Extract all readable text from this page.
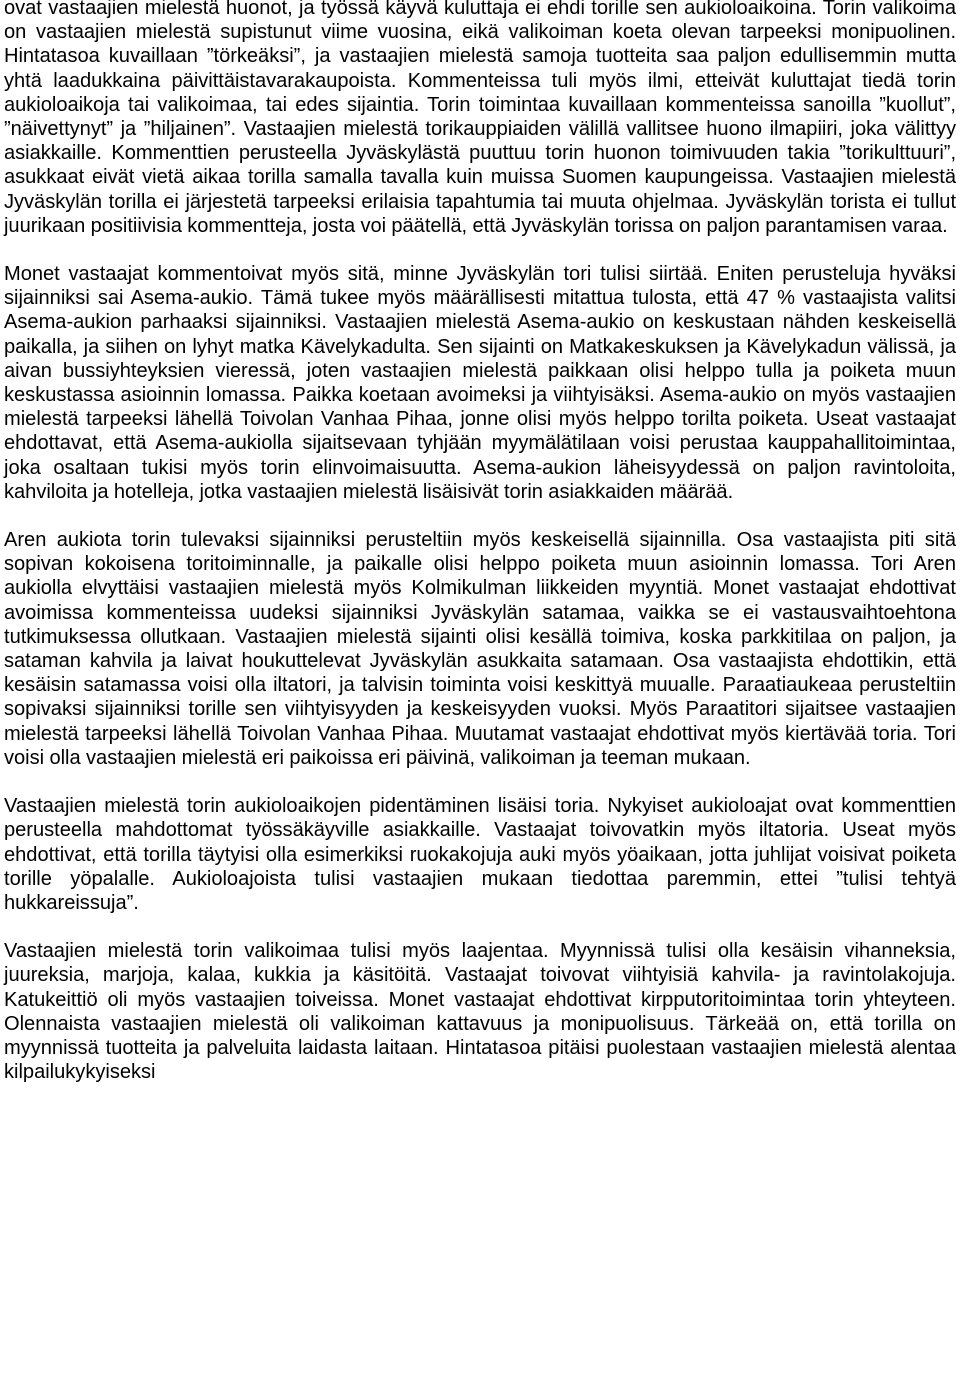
ovat vastaajien mielestä huonot, ja työssä käyvä kuluttaja ei ehdi torille sen aukioloaikoina. Torin valikoima on vastaajien mielestä supistunut viime vuosina, eikä valikoiman koeta olevan tarpeeksi monipuolinen. Hintatasoa kuvaillaan ”törkeäksi”, ja vastaajien mielestä samoja tuotteita saa paljon edullisemmin mutta yhtä laadukkaina päivittäistavarakaupoista. Kommenteissa tuli myös ilmi, etteivät kuluttajat tiedä torin aukioloaikoja tai valikoimaa, tai edes sijaintia. Torin toimintaa kuvaillaan kommenteissa sanoilla ”kuollut”, ”näivettynyt” ja ”hiljainen”. Vastaajien mielestä torikauppiaiden välillä vallitsee huono ilmapiiri, joka välittyy asiakkaille. Kommenttien perusteella Jyväskylästä puuttuu torin huonon toimivuuden takia ”torikulttuuri”, asukkaat eivät vietä aikaa torilla samalla tavalla kuin muissa Suomen kaupungeissa. Vastaajien mielestä Jyväskylän torilla ei järjestetä tarpeeksi erilaisia tapahtumia tai muuta ohjelmaa. Jyväskylän torista ei tullut juurikaan positiivisia kommentteja, josta voi päätellä, että Jyväskylän torissa on paljon parantamisen varaa.

Monet vastaajat kommentoivat myös sitä, minne Jyväskylän tori tulisi siirtää. Eniten perusteluja hyväksi sijainniksi sai Asema-aukio. Tämä tukee myös määrällisesti mitattua tulosta, että 47 % vastaajista valitsi Asema-aukion parhaaksi sijainniksi. Vastaajien mielestä Asema-aukio on keskustaan nähden keskeisellä paikalla, ja siihen on lyhyt matka Kävelykadulta. Sen sijainti on Matkakeskuksen ja Kävelykadun välissä, ja aivan bussiyhteyksien vieressä, joten vastaajien mielestä paikkaan olisi helppo tulla ja poiketa muun keskustassa asioinnin lomassa. Paikka koetaan avoimeksi ja viihtyisäksi. Asema-aukio on myös vastaajien mielestä tarpeeksi lähellä Toivolan Vanhaa Pihaa, jonne olisi myös helppo torilta poiketa. Useat vastaajat ehdottavat, että Asema-aukiolla sijaitsevaan tyhjään myymälätilaan voisi perustaa kauppahallitoimintaa, joka osaltaan tukisi myös torin elinvoimaisuutta. Asema-aukion läheisyydessä on paljon ravintoloita, kahviloita ja hotelleja, jotka vastaajien mielestä lisäisivät torin asiakkaiden määrää.

Aren aukiota torin tulevaksi sijainniksi perusteltiin myös keskeisellä sijainnilla. Osa vastaajista piti sitä sopivan kokoisena toritoiminnalle, ja paikalle olisi helppo poiketa muun asioinnin lomassa. Tori Aren aukiolla elvyttäisi vastaajien mielestä myös Kolmikulman liikkeiden myyntiä. Monet vastaajat ehdottivat avoimissa kommenteissa uudeksi sijainniksi Jyväskylän satamaa, vaikka se ei vastausvaihtoehtona tutkimuksessa ollutkaan. Vastaajien mielestä sijainti olisi kesällä toimiva, koska parkkitilaa on paljon, ja sataman kahvila ja laivat houkuttelevat Jyväskylän asukkaita satamaan. Osa vastaajista ehdottikin, että kesäisin satamassa voisi olla iltatori, ja talvisin toiminta voisi keskittyä muualle. Paraatiaukeaa perusteltiin sopivaksi sijainniksi torille sen viihtyisyyden ja keskeisyyden vuoksi. Myös Paraatitori sijaitsee vastaajien mielestä tarpeeksi lähellä Toivolan Vanhaa Pihaa. Muutamat vastaajat ehdottivat myös kiertävää toria. Tori voisi olla vastaajien mielestä eri paikoissa eri päivinä, valikoiman ja teeman mukaan.

Vastaajien mielestä torin aukioloaikojen pidentäminen lisäisi toria. Nykyiset aukioloajat ovat kommenttien perusteella mahdottomat työssäkäyville asiakkaille. Vastaajat toivovatkin myös iltatoria. Useat myös ehdottivat, että torilla täytyisi olla esimerkiksi ruokakojuja auki myös yöaikaan, jotta juhlijat voisivat poiketa torille yöpalalle. Aukioloajoista tulisi vastaajien mukaan tiedottaa paremmin, ettei ”tulisi tehtyä hukkareissuja”.

Vastaajien mielestä torin valikoimaa tulisi myös laajentaa. Myynnissä tulisi olla kesäisin vihanneksia, juureksia, marjoja, kalaa, kukkia ja käsitöitä. Vastaajat toivovat viihtyisiä kahvila- ja ravintolakojuja. Katukeittiö oli myös vastaajien toiveissa. Monet vastaajat ehdottivat kirpputoritoimintaa torin yhteyteen. Olennaista vastaajien mielestä oli valikoiman kattavuus ja monipuolisuus. Tärkeää on, että torilla on myynnissä tuotteita ja palveluita laidasta laitaan. Hintatasoa pitäisi puolestaan vastaajien mielestä alentaa kilpailukykyiseksi
